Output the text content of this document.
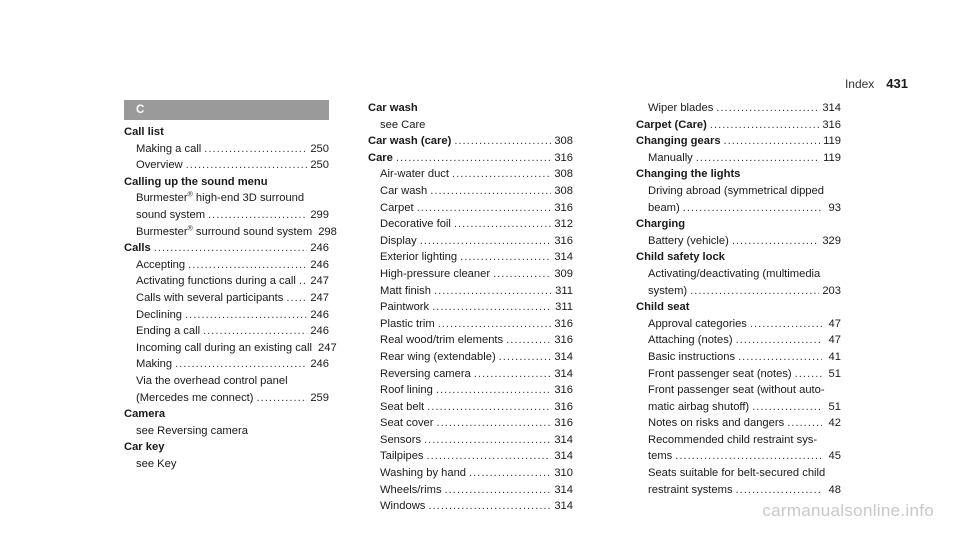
Index 431
C
Call list
Making a call .....	250
Overview .....	250
Calling up the sound menu
Burmester® high-end 3D surround
sound system .....	299
Burmester® surround sound system 298
Calls .....	246
Accepting .....	246
Activating functions during a call ..... 247
Calls with several participants ..... 247
Declining .....	246
Ending a call .....	246
Incoming call during an existing call 247
Making .....	246
Via the overhead control panel
(Mercedes me connect) .....	259
Camera
see Reversing camera
Car key
see Key
Car wash
see Care
Car wash (care) .....	308
Care .....	316
Air-water duct .....	308
Car wash .....	308
Carpet .....	316
Decorative foil .....	312
Display .....	316
Exterior lighting .....	314
High-pressure cleaner .....	309
Matt finish .....	311
Paintwork .....	311
Plastic trim .....	316
Real wood/trim elements .....	316
Rear wing (extendable) .....	314
Reversing camera .....	314
Roof lining .....	316
Seat belt .....	316
Seat cover .....	316
Sensors .....	314
Tailpipes .....	314
Washing by hand .....	310
Wheels/rims .....	314
Windows .....	314
Wiper blades .....	314
Carpet (Care) .....	316
Changing gears .....	119
Manually .....	119
Changing the lights
Driving abroad (symmetrical dipped
beam) .....	93
Charging
Battery (vehicle) .....	329
Child safety lock
Activating/deactivating (multimedia
system) .....	203
Child seat
Approval categories .....	47
Attaching (notes) .....	47
Basic instructions .....	41
Front passenger seat (notes) .....	51
Front passenger seat (without auto-
matic airbag shutoff) .....	51
Notes on risks and dangers .....	42
Recommended child restraint sys-
tems .....	45
Seats suitable for belt-secured child
restraint systems .....	48
carmanualsonline.info
